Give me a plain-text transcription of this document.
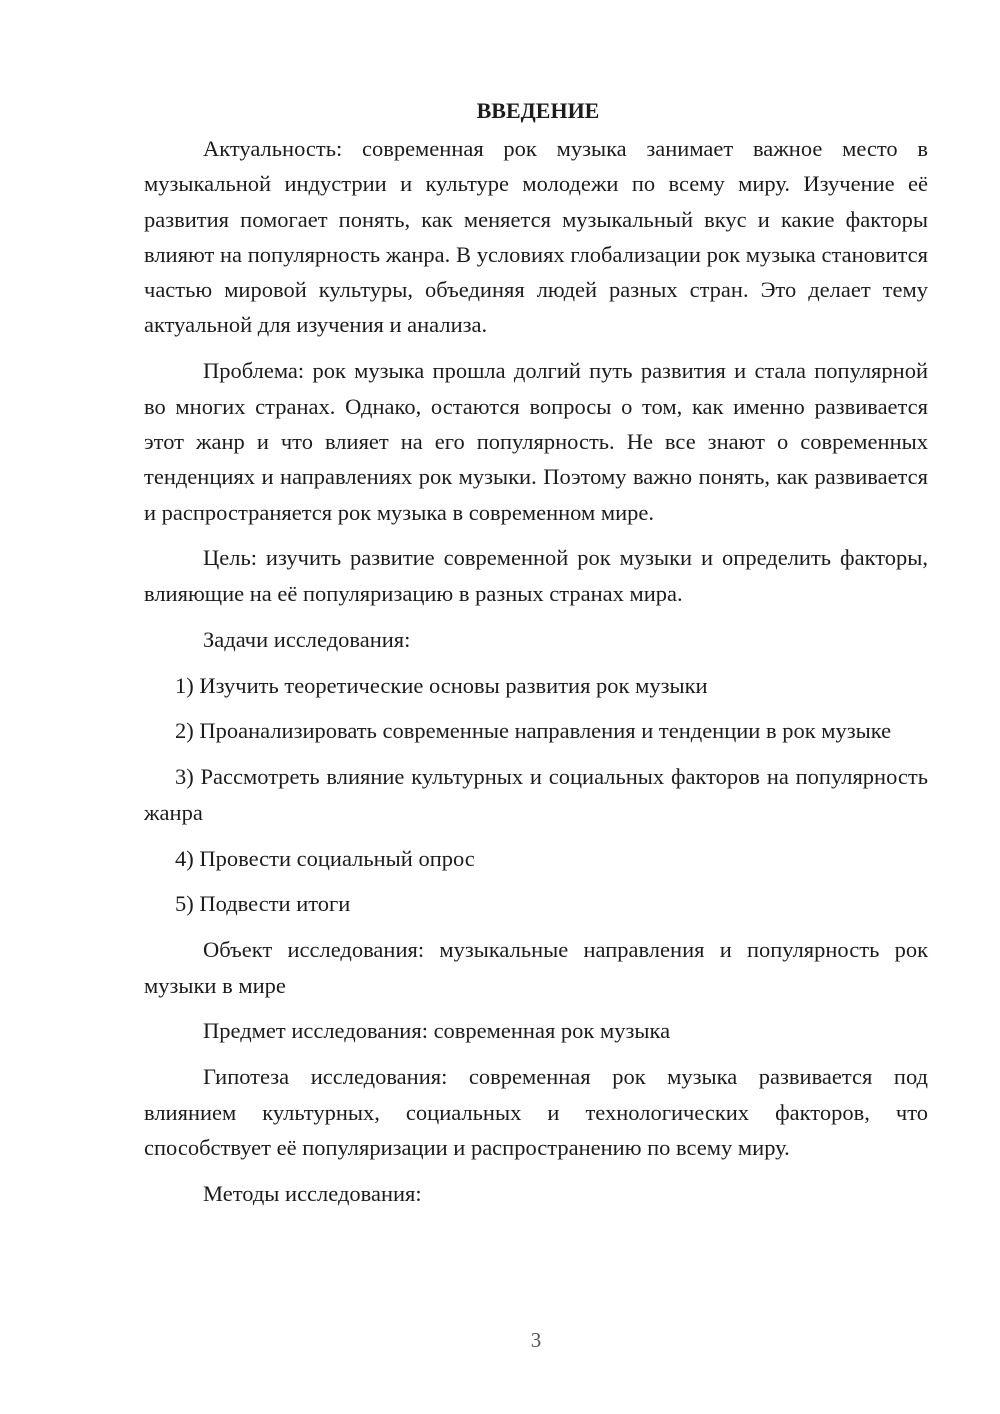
ВВЕДЕНИЕ

Актуальность: современная рок музыка занимает важное место в музыкальной индустрии и культуре молодежи по всему миру. Изучение её развития помогает понять, как меняется музыкальный вкус и какие факторы влияют на популярность жанра. В условиях глобализации рок музыка становится частью мировой культуры, объединяя людей разных стран. Это делает тему актуальной для изучения и анализа.

Проблема: рок музыка прошла долгий путь развития и стала популярной во многих странах. Однако, остаются вопросы о том, как именно развивается этот жанр и что влияет на его популярность. Не все знают о современных тенденциях и направлениях рок музыки. Поэтому важно понять, как развивается и распространяется рок музыка в современном мире.

Цель: изучить развитие современной рок музыки и определить факторы, влияющие на её популяризацию в разных странах мира.

Задачи исследования:

1) Изучить теоретические основы развития рок музыки

2) Проанализировать современные направления и тенденции в рок музыке

3) Рассмотреть влияние культурных и социальных факторов на популярность жанра

4) Провести социальный опрос

5) Подвести итоги

Объект исследования: музыкальные направления и популярность рок музыки в мире

Предмет исследования: современная рок музыка

Гипотеза исследования: современная рок музыка развивается под влиянием культурных, социальных и технологических факторов, что способствует её популяризации и распространению по всему миру.

Методы исследования:

3
